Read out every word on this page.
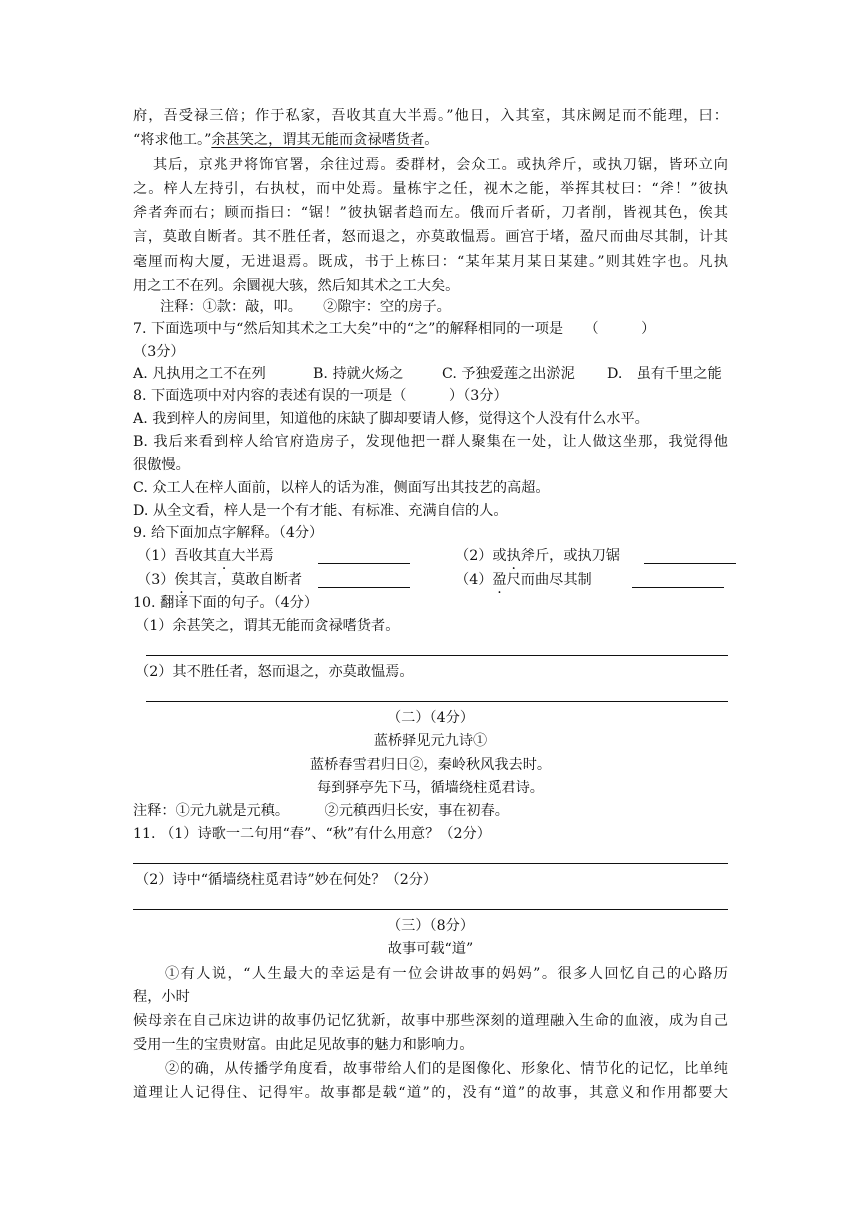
府，吾受禄三倍；作于私家，吾收其直大半焉。”他日，入其室，其床阙足而不能理，曰：
“将求他工。”余甚笑之，谓其无能而贪禄嗜货者。
其后，京兆尹将饰官署，余往过焉。委群材，会众工。或执斧斤，或执刀锯，皆环立向
之。梓人左持引，右执杖，而中处焉。量栋宇之任，视木之能，举挥其杖曰：“斧！”彼执
斧者奔而右；顾而指曰：“锯！”彼执锯者趋而左。俄而斤者斫，刀者削，皆视其色，俟其
言，莫敢自断者。其不胜任者，怒而退之，亦莫敢愠焉。画宫于堵，盈尺而曲尽其制，计其
毫厘而构大厦，无进退焉。既成，书于上栋曰：“某年某月某日某建。”则其姓字也。凡执
用之工不在列。余圜视大骇，然后知其术之工大矣。
注释：①款：敲，叩。　　②隙宇：空的房子。
7. 下面选项中与“然后知其术之工大矣”中的“之”的解释相同的一项是　　（　　　）
（3分）
A. 凡执用之工不在列	B. 持就火炀之	C. 予独爱莲之出淤泥 D.　虽有千里之能
8. 下面选项中对内容的表述有误的一项是（　　　）（3分）
A. 我到梓人的房间里，知道他的床缺了脚却要请人修，觉得这个人没有什么水平。
B. 我后来看到梓人给官府造房子，发现他把一群人聚集在一处，让人做这坐那，我觉得他
很傲慢。
C. 众工人在梓人面前，以梓人的话为准，侧面写出其技艺的高超。
D. 从全文看，梓人是一个有才能、有标准、充满自信的人。
9. 给下面加点字解释。（4分）
（1）吾收其直大半焉	（2）或执斧斤，或执刀锯
（3）俟其言，莫敢自断者	（4）盈尺而曲尽其制
10. 翻译下面的句子。（4分）
（1）余甚笑之，谓其无能而贪禄嗜货者。
（2）其不胜任者，怒而退之，亦莫敢愠焉。
（二）（4分）
蓝桥驿见元九诗①
蓝桥春雪君归日②，秦岭秋风我去时。
每到驿亭先下马，循墙绕柱觅君诗。
注释：①元九就是元稹。　　　②元稹西归长安，事在初春。
11. （1）诗歌一二句用“春”、“秋”有什么用意？（2分）
（2）诗中“循墙绕柱觅君诗”妙在何处？（2分）
（三）（8分）
故事可载“道”
①有人说，“人生最大的幸运是有一位会讲故事的妈妈”。很多人回忆自己的心路历
程，小时
候母亲在自己床边讲的故事仍记忆犹新，故事中那些深刻的道理融入生命的血液，成为自己
受用一生的宝贵财富。由此足见故事的魅力和影响力。
②的确，从传播学角度看，故事带给人们的是图像化、形象化、情节化的记忆，比单纯
道理让人记得住、记得牢。故事都是载“道”的，没有“道”的故事，其意义和作用都要大
